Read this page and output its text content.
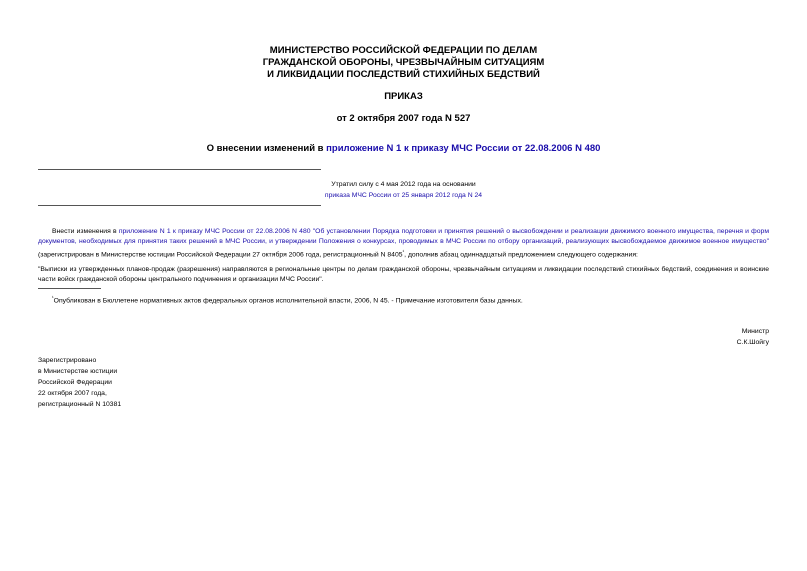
МИНИСТЕРСТВО РОССИЙСКОЙ ФЕДЕРАЦИИ ПО ДЕЛАМ
ГРАЖДАНСКОЙ ОБОРОНЫ, ЧРЕЗВЫЧАЙНЫМ СИТУАЦИЯМ
И ЛИКВИДАЦИИ ПОСЛЕДСТВИЙ СТИХИЙНЫХ БЕДСТВИЙ
ПРИКАЗ
от 2 октября 2007 года N 527
О внесении изменений в приложение N 1 к приказу МЧС России от 22.08.2006 N 480
Утратил силу с 4 мая 2012 года на основании
приказа МЧС России от 25 января 2012 года N 24
Внести изменения в приложение N 1 к приказу МЧС России от 22.08.2006 N 480 "Об установлении Порядка подготовки и принятия решений о высвобождении и реализации движимого военного имущества, перечня и форм документов, необходимых для принятия таких решений в МЧС России, и утверждении Положения о конкурсах, проводимых в МЧС России по отбору организаций, реализующих высвобождаемое движимое военное имущество" (зарегистрирован в Министерстве юстиции Российской Федерации 27 октября 2006 года, регистрационный N $8405^{^1}$, дополнив абзац одиннадцатый предложением следующего содержания:
"Выписки из утвержденных планов-продаж (разрешения) направляются в региональные центры по делам гражданской обороны, чрезвычайным ситуациям и ликвидации последствий стихийных бедствий, соединения и воинские части войск гражданской обороны центрального подчинения и организации МЧС России".
$^{^1}$Опубликован в Бюллетене нормативных актов федеральных органов исполнительной власти, 2006, N 45. - Примечание изготовителя базы данных.
Министр
С.К.Шойгу
Зарегистрировано
в Министерстве юстиции
Российской Федерации
22 октября 2007 года,
регистрационный N 10381
